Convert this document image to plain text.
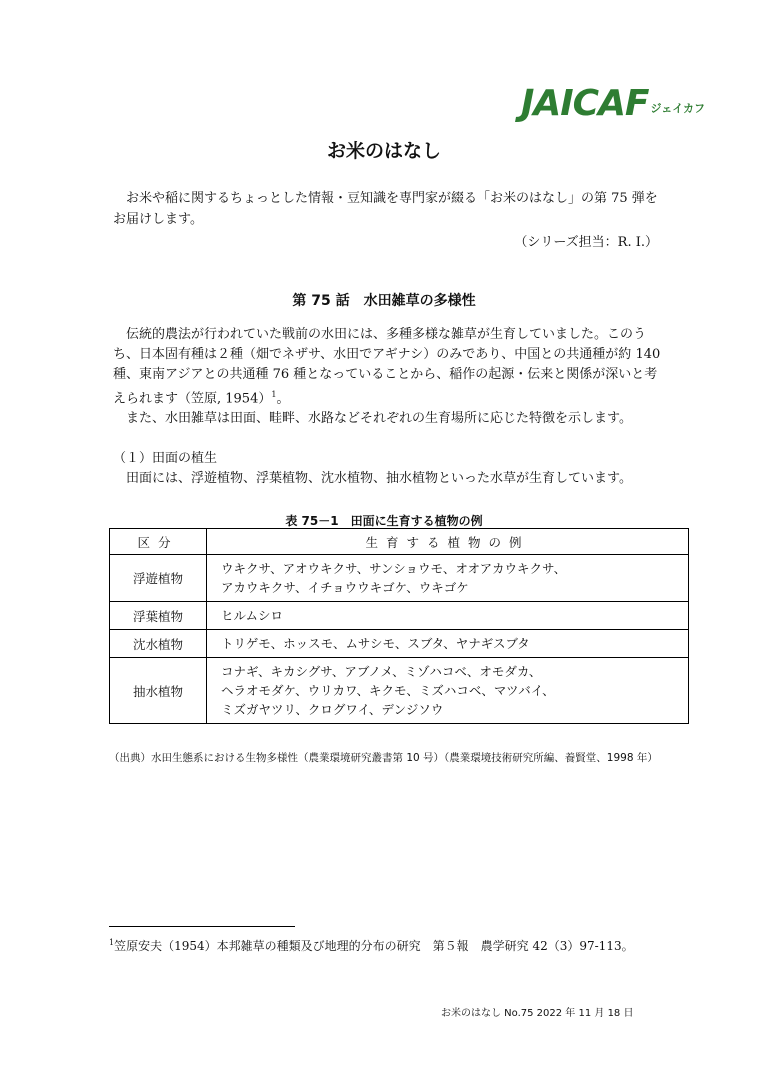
JAICAF ジェイカフ
お米のはなし

お米や稲に関するちょっとした情報・豆知識を専門家が綴る「お米のはなし」の第 75 弾をお届けします。

（シリーズ担当：R. I.）
第 75 話　水田雑草の多様性

伝統的農法が行われていた戦前の水田には、多種多様な雑草が生育していました。このうち、日本固有種は２種（畑でネザサ、水田でアギナシ）のみであり、中国との共通種が約 140 種、東南アジアとの共通種 76 種となっていることから、稲作の起源・伝来と関係が深いと考えられます（笠原, 1954）$^1$。

また、水田雑草は田面、畦畔、水路などそれぞれの生育場所に応じた特徴を示します。

（１）田面の植生

田面には、浮遊植物、浮葉植物、沈水植物、抽水植物といった水草が生育しています。

表 75－1　田面に生育する植物の例
区分	生育する植物の例
浮遊植物	ウキクサ、アオウキクサ、サンショウモ、オオアカウキクサ、
アカウキクサ、イチョウウキゴケ、ウキゴケ

浮葉植物	ヒルムシロ

沈水植物	トリゲモ、ホッスモ、ムサシモ、スブタ、ヤナギスブタ

抽水植物	コナギ、キカシグサ、アブノメ、ミゾハコベ、オモダカ、
ヘラオモダケ、ウリカワ、キクモ、ミズハコベ、マツバイ、
ミズガヤツリ、クログワイ、デンジソウ
（出典）水田生態系における生物多様性（農業環境研究叢書第 10 号）（農業環境技術研究所編、養賢堂、1998 年）
$^1$笠原安夫（1954）本邦雑草の種類及び地理的分布の研究　第５報　農学研究 42（3）97-113。
お米のはなし No.75 2022 年 11 月 18 日
